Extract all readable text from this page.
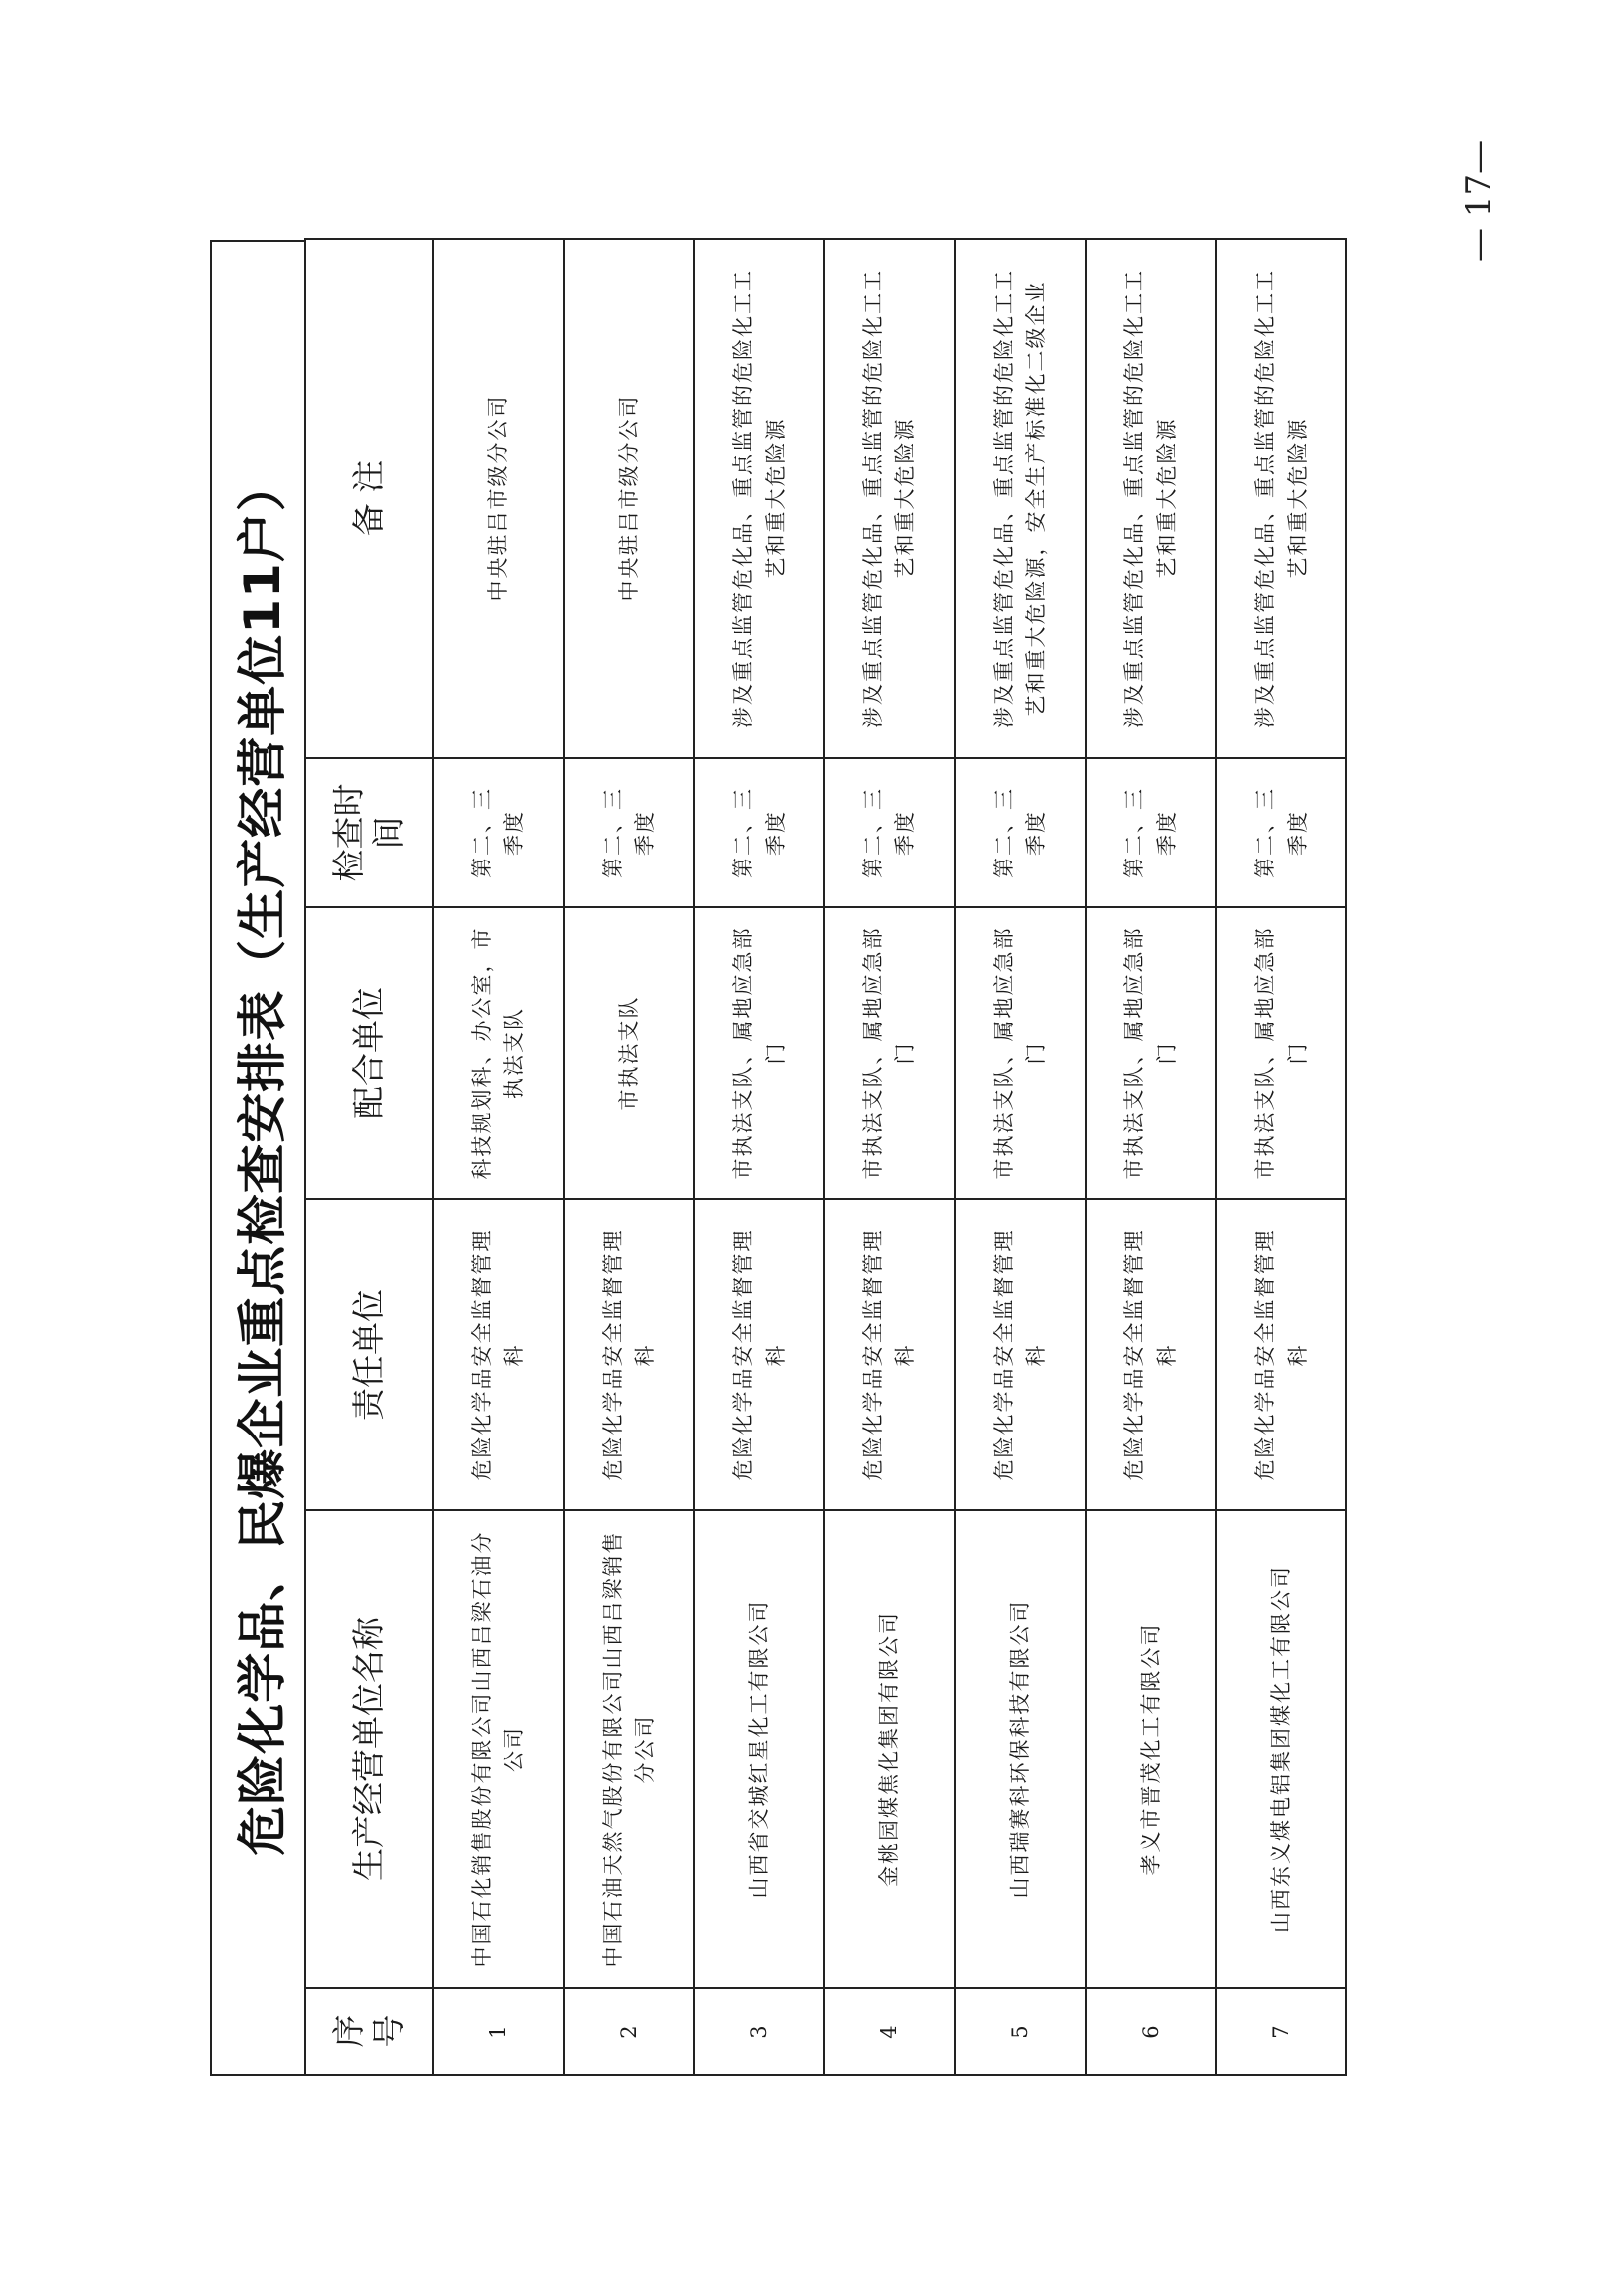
危险化学品、民爆企业重点检查安排表（生产经营单位11户）
序号	生产经营单位名称	责任单位	配合单位	检查时间	备 注
1	中国石化销售股份有限公司山西吕梁石油分公司	危险化学品安全监督管理科	科技规划科、办公室，市执法支队	第二、三季度	中央驻吕市级分公司
2	中国石油天然气股份有限公司山西吕梁销售分公司	危险化学品安全监督管理科	市执法支队	第二、三季度	中央驻吕市级分公司
3	山西省交城红星化工有限公司	危险化学品安全监督管理科	市执法支队、属地应急部门	第二、三季度	涉及重点监管危化品、重点监管的危险化工工艺和重大危险源
4	金桃园煤焦化集团有限公司	危险化学品安全监督管理科	市执法支队、属地应急部门	第二、三季度	涉及重点监管危化品、重点监管的危险化工工艺和重大危险源
5	山西瑞赛科环保科技有限公司	危险化学品安全监督管理科	市执法支队、属地应急部门	第二、三季度	涉及重点监管危化品、重点监管的危险化工工艺和重大危险源，安全生产标准化二级企业
6	孝义市晋茂化工有限公司	危险化学品安全监督管理科	市执法支队、属地应急部门	第二、三季度	涉及重点监管危化品、重点监管的危险化工工艺和重大危险源
7	山西东义煤电铝集团煤化工有限公司	危险化学品安全监督管理科	市执法支队、属地应急部门	第二、三季度	涉及重点监管危化品、重点监管的危险化工工艺和重大危险源
— 17—
